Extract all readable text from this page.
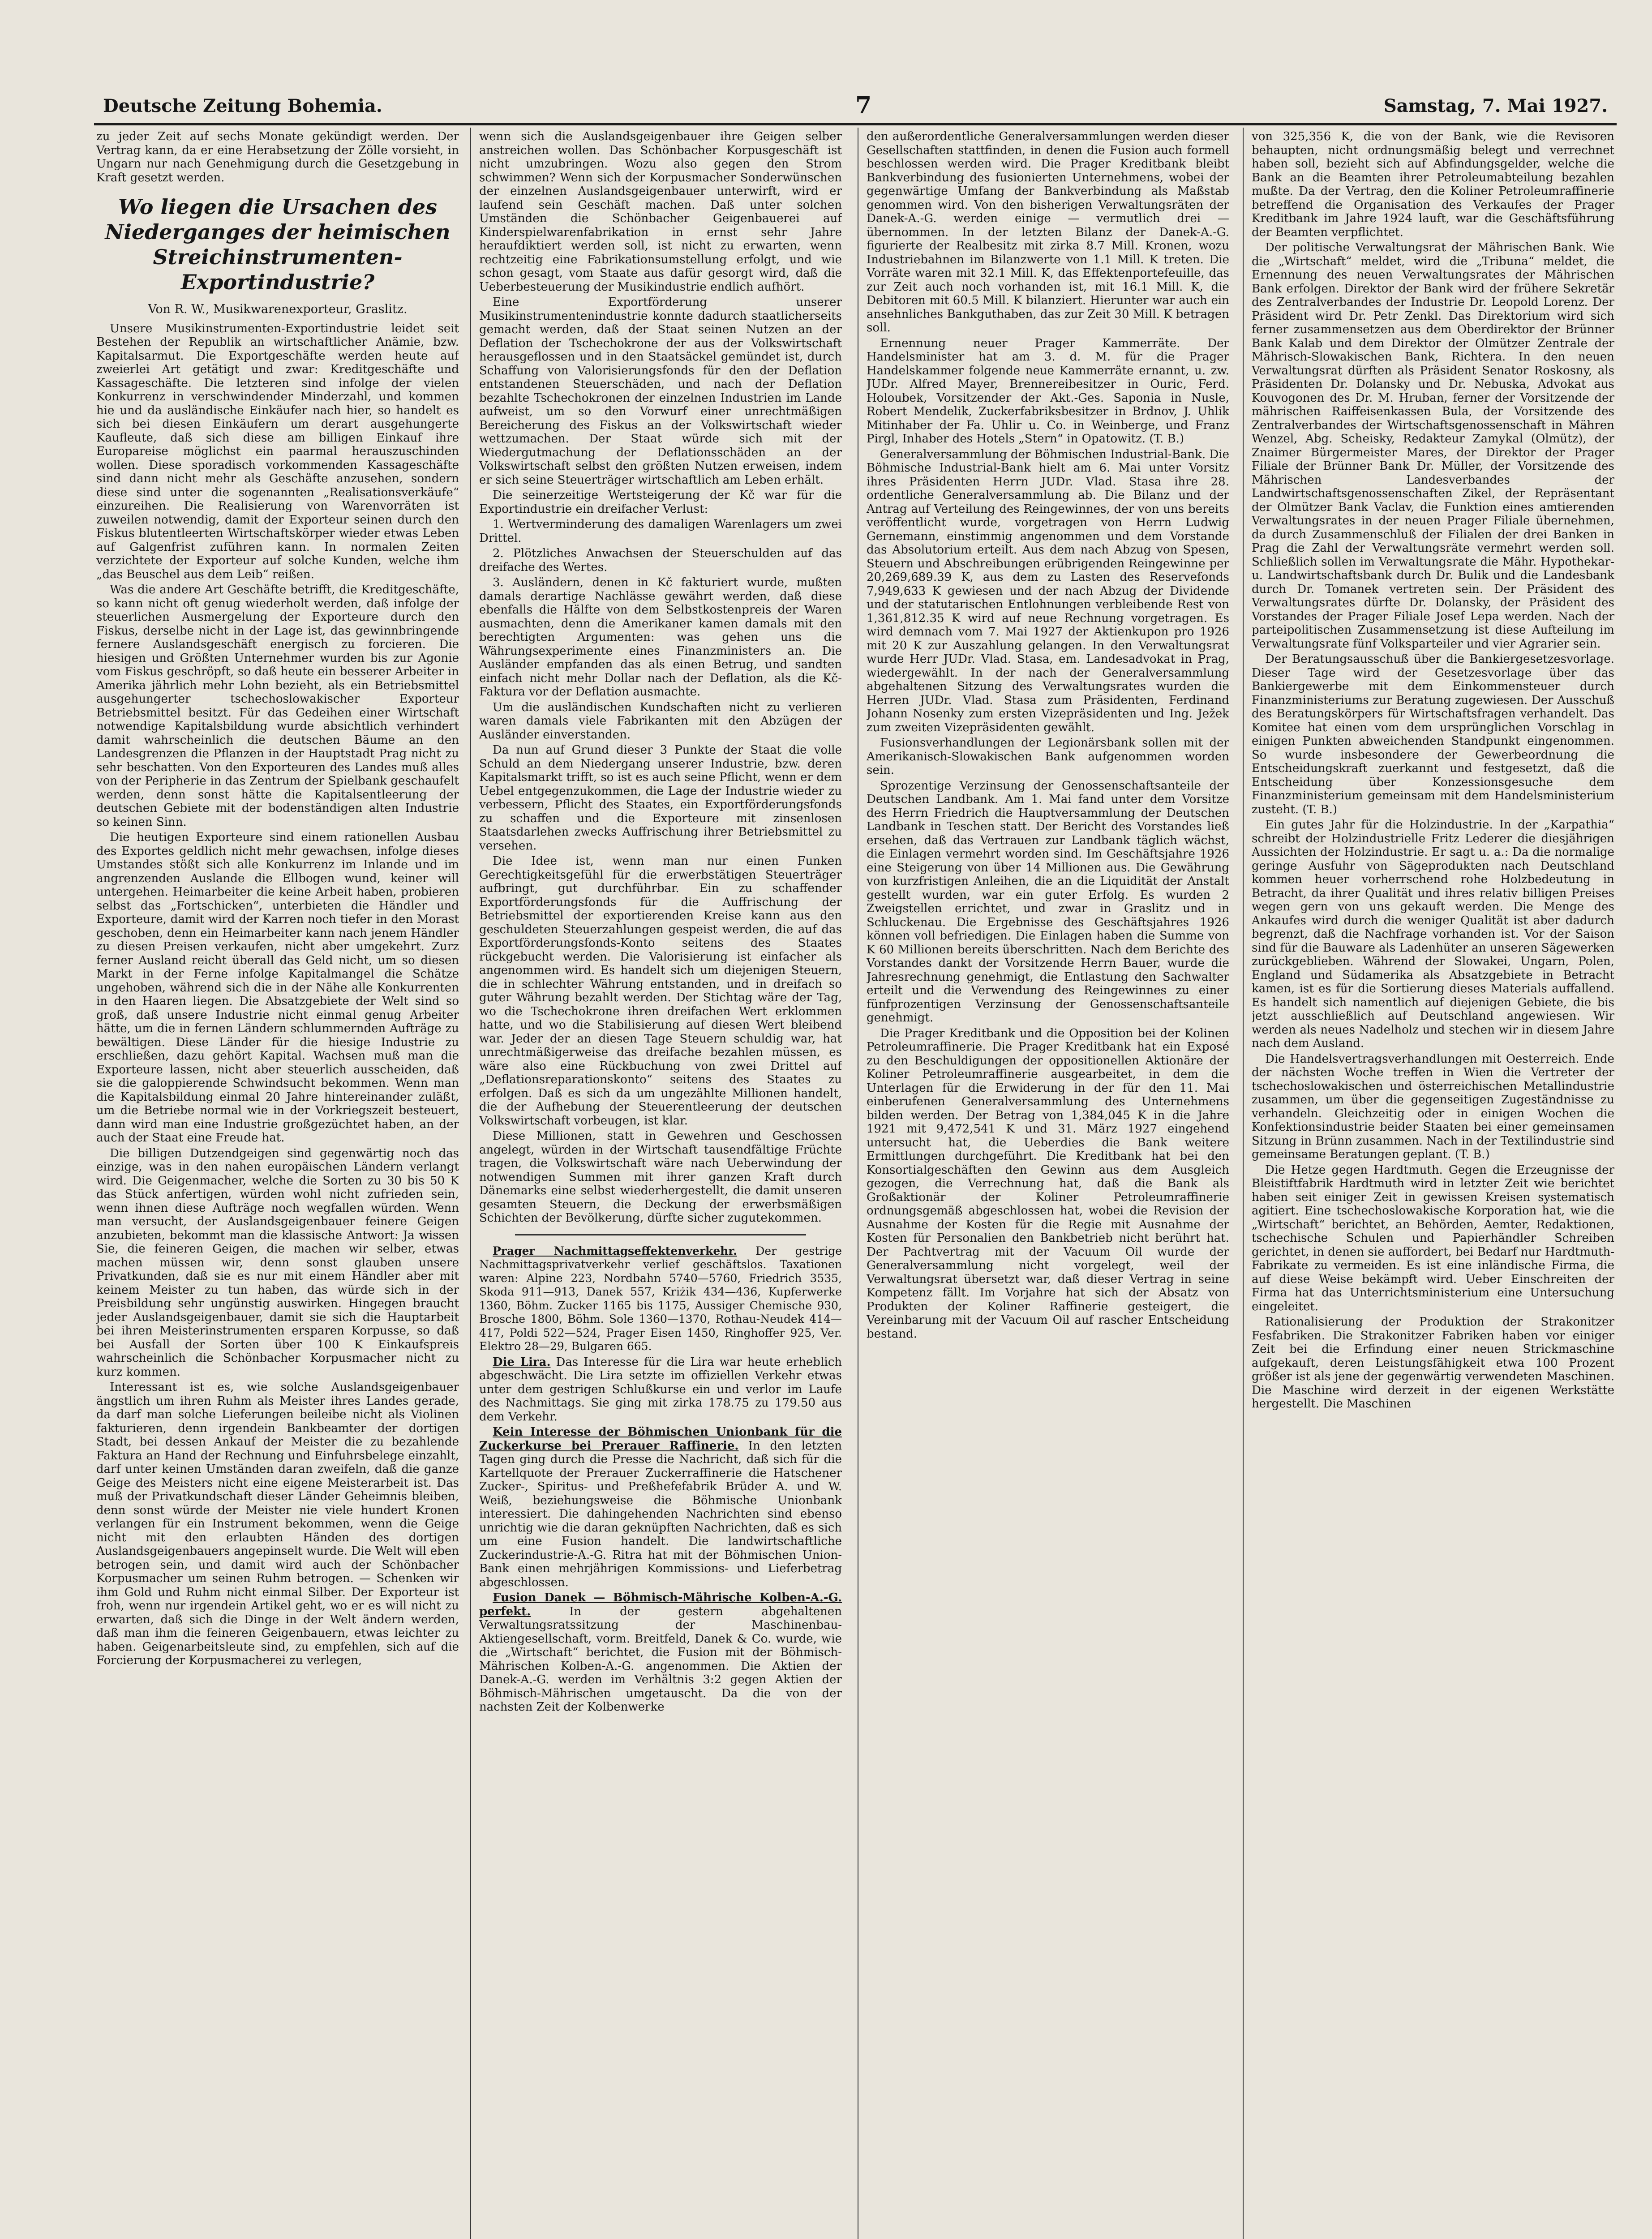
Deutsche Zeitung Bohemia.	7	Samstag, 7. Mai 1927.

zu jeder Zeit auf sechs Monate gekündigt werden. Der Vertrag kann, da er eine Herabsetzung der Zölle vorsieht, in Ungarn nur nach Genehmigung durch die Gesetzgebung in Kraft gesetzt werden.

Wo liegen die Ursachen des Niederganges der heimischen Streichinstrumenten-Exportindustrie?
Von R. W., Musikwarenexporteur, Graslitz.

Unsere Musikinstrumenten-Exportindustrie leidet seit Bestehen der Republik an wirtschaftlicher Anämie, bzw. Kapitalsarmut. Die Exportgeschäfte werden heute auf zweierlei Art getätigt und zwar: Kreditgeschäfte und Kassageschäfte. Die letzteren sind infolge der vielen Konkurrenz in verschwindender Minderzahl, und kommen hie und da ausländische Einkäufer nach hier, so handelt es sich bei diesen Einkäufern um derart ausgehungerte Kaufleute, daß sich diese am billigen Einkauf ihre Europareise möglichst ein paarmal herauszuschinden wollen. Diese sporadisch vorkommenden Kassageschäfte sind dann nicht mehr als Geschäfte anzusehen, sondern diese sind unter die sogenannten „Realisationsverkäufe“ einzureihen. Die Realisierung von Warenvorräten ist zuweilen notwendig, damit der Exporteur seinen durch den Fiskus blutentleerten Wirtschaftskörper wieder etwas Leben auf Galgenfrist zuführen kann. In normalen Zeiten verzichtete der Exporteur auf solche Kunden, welche ihm „das Beuschel aus dem Leib“ reißen.

Was die andere Art Geschäfte betrifft, die Kreditgeschäfte, so kann nicht oft genug wiederholt werden, daß infolge der steuerlichen Ausmergelung der Exporteure durch den Fiskus, derselbe nicht in der Lage ist, das gewinnbringende fernere Auslandsgeschäft energisch zu forcieren. Die hiesigen und Größten Unternehmer wurden bis zur Agonie vom Fiskus geschröpft, so daß heute ein besserer Arbeiter in Amerika jährlich mehr Lohn bezieht, als ein Betriebsmittel ausgehungerter tschechoslowakischer Exporteur Betriebsmittel besitzt. Für das Gedeihen einer Wirtschaft notwendige Kapitalsbildung wurde absichtlich verhindert damit wahrscheinlich die deutschen Bäume an den Landesgrenzen die Pflanzen in der Hauptstadt Prag nicht zu sehr beschatten. Von den Exporteuren des Landes muß alles von der Peripherie in das Zentrum der Spielbank geschaufelt werden, denn sonst hätte die Kapitalsentleerung der deutschen Gebiete mit der bodenständigen alten Industrie so keinen Sinn.

Die heutigen Exporteure sind einem rationellen Ausbau des Exportes geldlich nicht mehr gewachsen, infolge dieses Umstandes stößt sich alle Konkurrenz im Inlande und im angrenzenden Auslande die Ellbogen wund, keiner will untergehen. Heimarbeiter die keine Arbeit haben, probieren selbst das „Fortschicken“, unterbieten die Händler und Exporteure, damit wird der Karren noch tiefer in den Morast geschoben, denn ein Heimarbeiter kann nach jenem Händler zu diesen Preisen verkaufen, nicht aber umgekehrt. Zurz ferner Ausland reicht überall das Geld nicht, um so diesen Markt in der Ferne infolge Kapitalmangel die Schätze ungehoben, während sich die in der Nähe alle Konkurrenten in den Haaren liegen. Die Absatzgebiete der Welt sind so groß, daß unsere Industrie nicht einmal genug Arbeiter hätte, um die in fernen Ländern schlummernden Aufträge zu bewältigen. Diese Länder für die hiesige Industrie zu erschließen, dazu gehört Kapital. Wachsen muß man die Exporteure lassen, nicht aber steuerlich ausscheiden, daß sie die galoppierende Schwindsucht bekommen. Wenn man die Kapitalsbildung einmal 20 Jahre hintereinander zuläßt, um die Betriebe normal wie in der Vorkriegszeit besteuert, dann wird man eine Industrie großgezüchtet haben, an der auch der Staat eine Freude hat.

Die billigen Dutzendgeigen sind gegenwärtig noch das einzige, was in den nahen europäischen Ländern verlangt wird. Die Geigenmacher, welche die Sorten zu 30 bis 50 K das Stück anfertigen, würden wohl nicht zufrieden sein, wenn ihnen diese Aufträge noch wegfallen würden. Wenn man versucht, der Auslandsgeigenbauer feinere Geigen anzubieten, bekommt man die klassische Antwort: Ja wissen Sie, die feineren Geigen, die machen wir selber, etwas machen müssen wir, denn sonst glauben unsere Privatkunden, daß sie es nur mit einem Händler aber mit keinem Meister zu tun haben, das würde sich in der Preisbildung sehr ungünstig auswirken. Hingegen braucht jeder Auslandsgeigenbauer, damit sie sich die Hauptarbeit bei ihren Meisterinstrumenten ersparen Korpusse, so daß bei Ausfall der Sorten über 100 K Einkaufspreis wahrscheinlich die Schönbacher Korpusmacher nicht zu kurz kommen.

Interessant ist es, wie solche Auslandsgeigenbauer ängstlich um ihren Ruhm als Meister ihres Landes gerade, da darf man solche Lieferungen beileibe nicht als Violinen fakturieren, denn irgendein Bankbeamter der dortigen Stadt, bei dessen Ankauf der Meister die zu bezahlende Faktura an Hand der Rechnung und Einfuhrsbelege einzahlt, darf unter keinen Umständen daran zweifeln, daß die ganze Geige des Meisters nicht eine eigene Meisterarbeit ist. Das muß der Privatkundschaft dieser Länder Geheimnis bleiben, denn sonst würde der Meister nie viele hundert Kronen verlangen für ein Instrument bekommen, wenn die Geige nicht mit den erlaubten Händen des dortigen Auslandsgeigenbauers angepinselt wurde. Die Welt will eben betrogen sein, und damit wird auch der Schönbacher Korpusmacher um seinen Ruhm betrogen. — Schenken wir ihm Gold und Ruhm nicht einmal Silber. Der Exporteur ist froh, wenn nur irgendein Artikel geht, wo er es will nicht zu erwarten, daß sich die Dinge in der Welt ändern werden, daß man ihm die feineren Geigenbauern, etwas leichter zu haben. Geigenarbeitsleute sind, zu empfehlen, sich auf die Forcierung der Korpusmacherei zu verlegen,

wenn sich die Auslandsgeigenbauer ihre Geigen selber anstreichen wollen. Das Schönbacher Korpusgeschäft ist nicht umzubringen. Wozu also gegen den Strom schwimmen? Wenn sich der Korpusmacher Sonderwünschen der einzelnen Auslandsgeigenbauer unterwirft, wird er laufend sein Geschäft machen. Daß unter solchen Umständen die Schönbacher Geigenbauerei auf Kinderspielwarenfabrikation in ernst sehr Jahre heraufdiktiert werden soll, ist nicht zu erwarten, wenn rechtzeitig eine Fabrikationsumstellung erfolgt, und wie schon gesagt, vom Staate aus dafür gesorgt wird, daß die Ueberbesteuerung der Musikindustrie endlich aufhört.

Eine Exportförderung unserer Musikinstrumentenindustrie konnte dadurch staatlicherseits gemacht werden, daß der Staat seinen Nutzen an der Deflation der Tschechokrone der aus der Volkswirtschaft herausgeflossen und in den Staatsäckel gemündet ist, durch Schaffung von Valorisierungsfonds für den der Deflation entstandenen Steuerschäden, und nach der Deflation bezahlte Tschechokronen der einzelnen Industrien im Lande aufweist, um so den Vorwurf einer unrechtmäßigen Bereicherung des Fiskus an der Volkswirtschaft wieder wettzumachen. Der Staat würde sich mit der Wiedergutmachung der Deflationsschäden an der Volkswirtschaft selbst den größten Nutzen erweisen, indem er sich seine Steuerträger wirtschaftlich am Leben erhält.

Die seinerzeitige Wertsteigerung der Kč war für die Exportindustrie ein dreifacher Verlust:

1. Wertverminderung des damaligen Warenlagers um zwei Drittel.

2. Plötzliches Anwachsen der Steuerschulden auf das dreifache des Wertes.

3. Ausländern, denen in Kč fakturiert wurde, mußten damals derartige Nachlässe gewährt werden, daß diese ebenfalls die Hälfte von dem Selbstkostenpreis der Waren ausmachten, denn die Amerikaner kamen damals mit den berechtigten Argumenten: was gehen uns die Währungsexperimente eines Finanzministers an. Die Ausländer empfanden das als einen Betrug, und sandten einfach nicht mehr Dollar nach der Deflation, als die Kč-Faktura vor der Deflation ausmachte.

Um die ausländischen Kundschaften nicht zu verlieren waren damals viele Fabrikanten mit den Abzügen der Ausländer einverstanden.

Da nun auf Grund dieser 3 Punkte der Staat die volle Schuld an dem Niedergang unserer Industrie, bzw. deren Kapitalsmarkt trifft, so ist es auch seine Pflicht, wenn er dem Uebel entgegenzukommen, die Lage der Industrie wieder zu verbessern, Pflicht des Staates, ein Exportförderungsfonds zu schaffen und die Exporteure mit zinsenlosen Staatsdarlehen zwecks Auffrischung ihrer Betriebsmittel zu versehen.

Die Idee ist, wenn man nur einen Funken Gerechtigkeitsgefühl für die erwerbstätigen Steuerträger aufbringt, gut durchführbar. Ein zu schaffender Exportförderungsfonds für die Auffrischung der Betriebsmittel der exportierenden Kreise kann aus den geschuldeten Steuerzahlungen gespeist werden, die auf das Exportförderungsfonds-Konto seitens des Staates rückgebucht werden. Die Valorisierung ist einfacher als angenommen wird. Es handelt sich um diejenigen Steuern, die in schlechter Währung entstanden, und in dreifach so guter Währung bezahlt werden. Der Stichtag wäre der Tag, wo die Tschechokrone ihren dreifachen Wert erklommen hatte, und wo die Stabilisierung auf diesen Wert bleibend war. Jeder der an diesen Tage Steuern schuldig war, hat unrechtmäßigerweise das dreifache bezahlen müssen, es wäre also eine Rückbuchung von zwei Drittel auf „Deflationsreparationskonto“ seitens des Staates zu erfolgen. Daß es sich da um ungezählte Millionen handelt, die der Aufhebung der Steuerentleerung der deutschen Volkswirtschaft vorbeugen, ist klar.

Diese Millionen, statt in Gewehren und Geschossen angelegt, würden in der Wirtschaft tausendfältige Früchte tragen, die Volkswirtschaft wäre nach Ueberwindung der notwendigen Summen mit ihrer ganzen Kraft durch Dänemarks eine selbst wiederhergestellt, die damit unseren gesamten Steuern, die Deckung der erwerbsmäßigen Schichten der Bevölkerung, dürfte sicher zugutekommen.

Prager Nachmittagseffektenverkehr. Der gestrige Nachmittagsprivatverkehr verlief geschäftslos. Taxationen waren: Alpine 223, Nordbahn 5740—5760, Friedrich 3535, Skoda 911—913, Danek 557, Kriżik 434—436, Kupferwerke 1360, Böhm. Zucker 1165 bis 1175, Aussiger Chemische 930, Brosche 1800, Böhm. Sole 1360—1370, Rothau-Neudek 414—417, Poldi 522—524, Prager Eisen 1450, Ringhoffer 925, Ver. Elektro 28—29, Bulgaren 665.

Die Lira. Das Interesse für die Lira war heute erheblich abgeschwächt. Die Lira setzte im offiziellen Verkehr etwas unter dem gestrigen Schlußkurse ein und verlor im Laufe des Nachmittags. Sie ging mit zirka 178.75 zu 179.50 aus dem Verkehr.

Kein Interesse der Böhmischen Unionbank für die Zuckerkurse bei Prerauer Raffinerie. In den letzten Tagen ging durch die Presse die Nachricht, daß sich für die Kartellquote der Prerauer Zuckerraffinerie die Hatschener Zucker-, Spiritus- und Preßhefefabrik Brüder A. und W. Weiß, beziehungsweise die Böhmische Unionbank interessiert. Die dahingehenden Nachrichten sind ebenso unrichtig wie die daran geknüpften Nachrichten, daß es sich um eine Fusion handelt. Die landwirtschaftliche Zuckerindustrie-A.-G. Ritra hat mit der Böhmischen Union-Bank einen mehrjährigen Kommissions- und Lieferbetrag abgeschlossen.

Fusion Danek — Böhmisch-Mährische Kolben-A.-G. perfekt.	In der gestern abgehaltenen Verwaltungsratssitzung der Maschinenbau-Aktiengesellschaft, vorm. Breitfeld, Danek & Co. wurde, wie die „Wirtschaft“ berichtet, die Fusion mit der Böhmisch-Mährischen Kolben-A.-G. angenommen. Die Aktien der Danek-A.-G. werden im Verhältnis 3:2 gegen Aktien der Böhmisch-Mährischen umgetauscht. Da die von der nachsten Zeit der Kolbenwerke

den außerordentliche Generalversammlungen werden dieser Gesellschaften stattfinden, in denen die Fusion auch formell beschlossen werden wird. Die Prager Kreditbank bleibt Bankverbindung des fusionierten Unternehmens, wobei der gegenwärtige Umfang der Bankverbindung als Maßstab genommen wird. Von den bisherigen Verwaltungsräten der Danek-A.-G. werden einige — vermutlich drei — übernommen. In der letzten Bilanz der Danek-A.-G. figurierte der Realbesitz mit zirka 8.7 Mill. Kronen, wozu Industriebahnen im Bilanzwerte von 1.1 Mill. K treten. Die Vorräte waren mit 32.1 Mill. K, das Effektenportefeuille, das zur Zeit auch noch vorhanden ist, mit 16.1 Mill. K, die Debitoren mit 60.5 Mill. K bilanziert. Hierunter war auch ein ansehnliches Bankguthaben, das zur Zeit 30 Mill. K betragen soll.

Ernennung neuer Prager Kammerräte. Der Handelsminister hat am 3. d. M. für die Prager Handelskammer folgende neue Kammerräte ernannt, u. zw. JUDr. Alfred Mayer, Brennereibesitzer in Ouric, Ferd. Holoubek, Vorsitzender der Akt.-Ges. Saponia in Nusle, Robert Mendelik, Zuckerfabriksbesitzer in Brdnov, J. Uhlik Mitinhaber der Fa. Uhlir u. Co. in Weinberge, und Franz Pirgl, Inhaber des Hotels „Stern“ in Opatowitz. (T. B.)

Generalversammlung der Böhmischen Industrial-Bank. Die Böhmische Industrial-Bank hielt am 6. Mai unter Vorsitz ihres Präsidenten Herrn JUDr. Vlad. Stasa ihre 28. ordentliche Generalversammlung ab. Die Bilanz und der Antrag auf Verteilung des Reingewinnes, der von uns bereits veröffentlicht wurde, vorgetragen von Herrn Ludwig Gernemann, einstimmig angenommen und dem Vorstande das Absolutorium erteilt. Aus dem nach Abzug von Spesen, Steuern und Abschreibungen erübrigenden Reingewinne per 20,269,689.39 K, aus dem zu Lasten des Reservefonds 7,949,633 K gewiesen und der nach Abzug der Dividende und der statutarischen Entlohnungen verbleibende Rest von 1,361,812.35 K wird auf neue Rechnung vorgetragen. Es wird demnach vom 7. Mai 1927 der Aktienkupon pro 1926 mit 20 K zur Auszahlung gelangen. In den Verwaltungsrat wurde Herr JUDr. Vlad. Stasa, em. Landesadvokat in Prag, wiedergewählt. In der nach der Generalversammlung abgehaltenen Sitzung des Verwaltungsrates wurden die Herren JUDr. Vlad. Stasa zum Präsidenten, Ferdinand Johann Nosenky zum ersten Vizepräsidenten und Ing. Ježek zum zweiten Vizepräsidenten gewählt.

Fusionsverhandlungen der Legionärsbank sollen mit der Amerikanisch-Slowakischen Bank aufgenommen worden sein.

Sprozentige Verzinsung der Genossenschaftsanteile der Deutschen Landbank. Am 1. Mai fand unter dem Vorsitze des Herrn Friedrich die Hauptversammlung der Deutschen Landbank in Teschen statt. Der Bericht des Vorstandes ließ ersehen, daß das Vertrauen zur Landbank täglich wächst, die Einlagen vermehrt worden sind. Im Geschäftsjahre 1926 eine Steigerung von über 14 Millionen aus. Die Gewährung von kurzfristigen Anleihen, die an die Liquidität der Anstalt gestellt wurden, war ein guter Erfolg. Es wurden 2 Zweigstellen errichtet, und zwar in Graslitz und in Schluckenau. Die Ergebnisse des Geschäftsjahres 1926 können voll befriedigen. Die Einlagen haben die Summe von K 60 Millionen bereits überschritten. Nach dem Berichte des Vorstandes dankt der Vorsitzende Herrn Bauer, wurde die Jahresrechnung genehmigt, die Entlastung den Sachwalter erteilt und die Verwendung des Reingewinnes zu einer fünfprozentigen Verzinsung der Genossenschaftsanteile genehmigt.

Die Prager Kreditbank und die Opposition bei der Kolinen Petroleumraffinerie. Die Prager Kreditbank hat ein Exposé zu den Beschuldigungen der oppositionellen Aktionäre der Koliner Petroleumraffinerie ausgearbeitet, in dem die Unterlagen für die Erwiderung in der für den 11. Mai einberufenen Generalversammlung des Unternehmens bilden werden. Der Betrag von 1,384,045 K in die Jahre 1921 mit 9,472,541 K und 31. März 1927 eingehend untersucht hat, die Ueberdies die Bank weitere Ermittlungen durchgeführt. Die Kreditbank hat bei den Konsortialgeschäften den Gewinn aus dem Ausgleich gezogen, die Verrechnung hat, daß die Bank als Großaktionär der Koliner Petroleumraffinerie ordnungsgemäß abgeschlossen hat, wobei die Revision der Ausnahme der Kosten für die Regie mit Ausnahme der Kosten für Personalien den Bankbetrieb nicht berührt hat. Der Pachtvertrag mit der Vacuum Oil wurde der Generalversammlung nicht vorgelegt, weil der Verwaltungsrat übersetzt war, daß dieser Vertrag in seine Kompetenz fällt. Im Vorjahre hat sich der Absatz von Produkten der Koliner Raffinerie gesteigert, die Vereinbarung mit der Vacuum Oil auf rascher Entscheidung bestand.

von 325,356 K, die von der Bank, wie die Revisoren behaupten, nicht ordnungsmäßig belegt und verrechnet haben soll, bezieht sich auf Abfindungsgelder, welche die Bank an die Beamten ihrer Petroleumabteilung bezahlen mußte. Da der Vertrag, den die Koliner Petroleumraffinerie betreffend die Organisation des Verkaufes der Prager Kreditbank im Jahre 1924 lauft, war die Geschäftsführung der Beamten verpflichtet.

Der politische Verwaltungsrat der Mährischen Bank. Wie die „Wirtschaft“ meldet, wird die „Tribuna“ meldet, die Ernennung des neuen Verwaltungsrates der Mährischen Bank erfolgen. Direktor der Bank wird der frühere Sekretär des Zentralverbandes der Industrie Dr. Leopold Lorenz. Der Präsident wird Dr. Petr Zenkl. Das Direktorium wird sich ferner zusammensetzen aus dem Oberdirektor der Brünner Bank Kalab und dem Direktor der Olmützer Zentrale der Mährisch-Slowakischen Bank, Richtera. In den neuen Verwaltungsrat dürften als Präsident Senator Roskosny, als Präsidenten Dr. Dolansky und Dr. Nebuska, Advokat aus Kouvogonen des Dr. M. Hruban, ferner der Vorsitzende der mährischen Raiffeisenkassen Bula, der Vorsitzende des Zentralverbandes der Wirtschaftsgenossenschaft in Mähren Wenzel, Abg. Scheisky, Redakteur Zamykal (Olmütz), der Znaimer Bürgermeister Mares, der Direktor der Prager Filiale der Brünner Bank Dr. Müller, der Vorsitzende des Mährischen Landesverbandes der Landwirtschaftsgenossenschaften Zikel, der Repräsentant der Olmützer Bank Vaclav, die Funktion eines amtierenden Verwaltungsrates in der neuen Prager Filiale übernehmen, da durch Zusammenschluß der Filialen der drei Banken in Prag die Zahl der Verwaltungsräte vermehrt werden soll. Schließlich sollen im Verwaltungsrate die Mähr. Hypothekar- u. Landwirtschaftsbank durch Dr. Bulik und die Landesbank durch Dr. Tomanek vertreten sein. Der Präsident des Verwaltungsrates dürfte Dr. Dolansky, der Präsident des Vorstandes der Prager Filiale Josef Lepa werden. Nach der parteipolitischen Zusammensetzung ist diese Aufteilung im Verwaltungsrate fünf Volksparteiler und vier Agrarier sein.

Der Beratungsausschuß über die Bankiergesetzesvorlage. Dieser Tage wird der Gesetzesvorlage über das Bankiergewerbe mit dem Einkommensteuer durch Finanzministeriums zur Beratung zugewiesen. Der Ausschuß des Beratungskörpers für Wirtschaftsfragen verhandelt. Das Komitee hat einen vom dem ursprünglichen Vorschlag in einigen Punkten abweichenden Standpunkt eingenommen. So wurde insbesondere der Gewerbeordnung die Entscheidungskraft zuerkannt und festgesetzt, daß die Entscheidung über Konzessionsgesuche dem Finanzministerium gemeinsam mit dem Handelsministerium zusteht. (T. B.)

Ein gutes Jahr für die Holzindustrie. In der „Karpathia“ schreibt der Holzindustrielle Fritz Lederer die diesjährigen Aussichten der Holzindustrie. Er sagt u. a.: Da die normalige geringe Ausfuhr von Sägeprodukten nach Deutschland kommen heuer vorherrschend rohe Holzbedeutung in Betracht, da ihrer Qualität und ihres relativ billigen Preises wegen gern von uns gekauft werden. Die Menge des Ankaufes wird durch die weniger Qualität ist aber dadurch begrenzt, daß die Nachfrage vorhanden ist. Vor der Saison sind für die Bauware als Ladenhüter an unseren Sägewerken zurückgeblieben. Während der Slowakei, Ungarn, Polen, England und Südamerika als Absatzgebiete in Betracht kamen, ist es für die Sortierung dieses Materials auffallend. Es handelt sich namentlich auf diejenigen Gebiete, die bis jetzt ausschließlich auf Deutschland angewiesen. Wir werden als neues Nadelholz und stechen wir in diesem Jahre nach dem Ausland.

Die Handelsvertragsverhandlungen mit Oesterreich. Ende der nächsten Woche treffen in Wien die Vertreter der tschechoslowakischen und österreichischen Metallindustrie zusammen, um über die gegenseitigen Zugeständnisse zu verhandeln. Gleichzeitig oder in einigen Wochen die Konfektionsindustrie beider Staaten bei einer gemeinsamen Sitzung in Brünn zusammen. Nach in der Textilindustrie sind gemeinsame Beratungen geplant. (T. B.)

Die Hetze gegen Hardtmuth. Gegen die Erzeugnisse der Bleistiftfabrik Hardtmuth wird in letzter Zeit wie berichtet haben seit einiger Zeit in gewissen Kreisen systematisch agitiert. Eine tschechoslowakische Korporation hat, wie die „Wirtschaft“ berichtet, an Behörden, Aemter, Redaktionen, tschechische Schulen und Papierhändler Schreiben gerichtet, in denen sie auffordert, bei Bedarf nur Hardtmuth-Fabrikate zu vermeiden. Es ist eine inländische Firma, die auf diese Weise bekämpft wird. Ueber Einschreiten der Firma hat das Unterrichtsministerium eine Untersuchung eingeleitet.

Rationalisierung der Produktion der Strakonitzer Fesfabriken. Die Strakonitzer Fabriken haben vor einiger Zeit bei die Erfindung einer neuen Strickmaschine aufgekauft, deren Leistungsfähigkeit etwa 100 Prozent größer ist als jene der gegenwärtig verwendeten Maschinen. Die Maschine wird derzeit in der eigenen Werkstätte hergestellt. Die Maschinen
